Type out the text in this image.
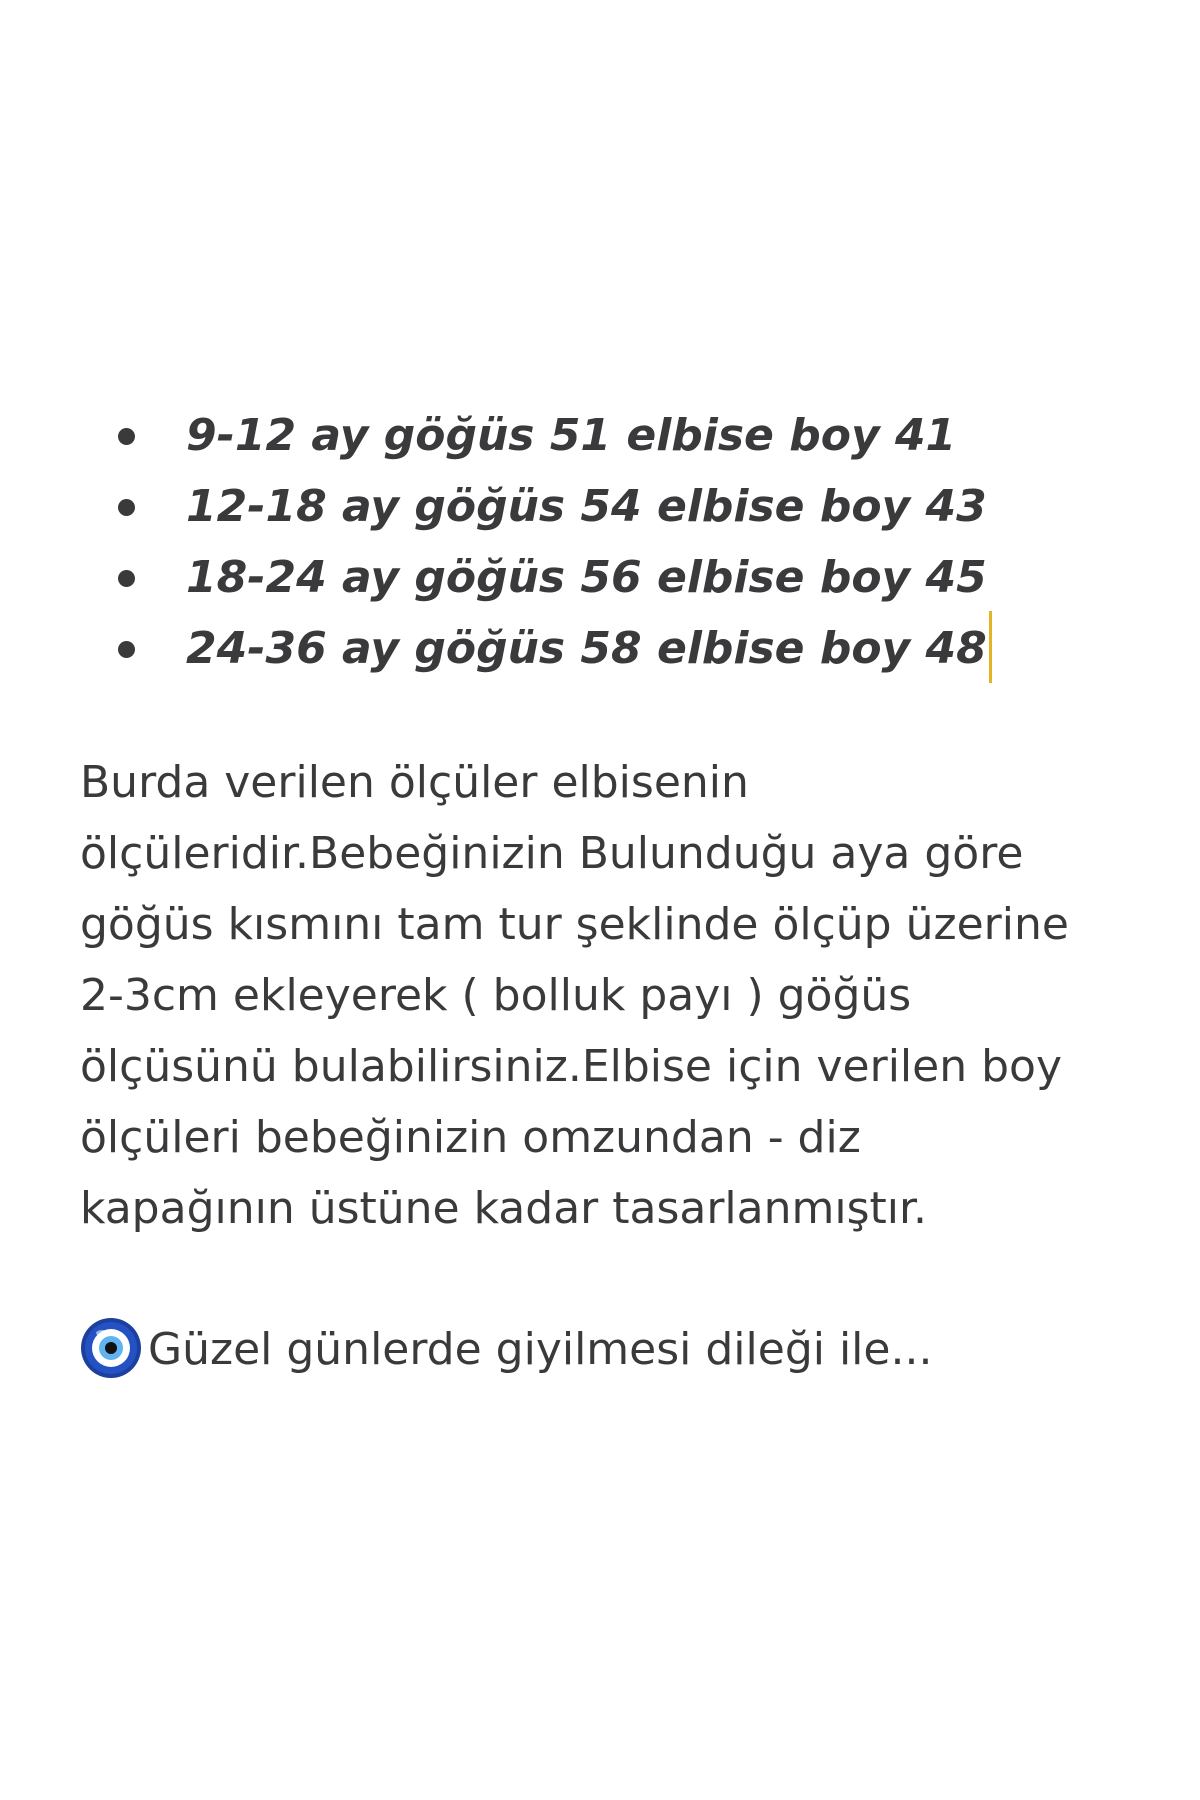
9-12 ay göğüs 51 elbise boy 41
12-18 ay göğüs 54 elbise boy 43
18-24 ay göğüs 56 elbise boy 45
24-36 ay göğüs 58 elbise boy 48
Burda verilen ölçüler elbisenin
ölçüleridir.Bebeğinizin Bulunduğu aya göre
göğüs kısmını tam tur şeklinde ölçüp üzerine
2-3cm ekleyerek ( bolluk payı ) göğüs
ölçüsünü bulabilirsiniz.Elbise için verilen boy
ölçüleri bebeğinizin omzundan - diz
kapağının üstüne kadar tasarlanmıştır.
Güzel günlerde giyilmesi dileği ile...
